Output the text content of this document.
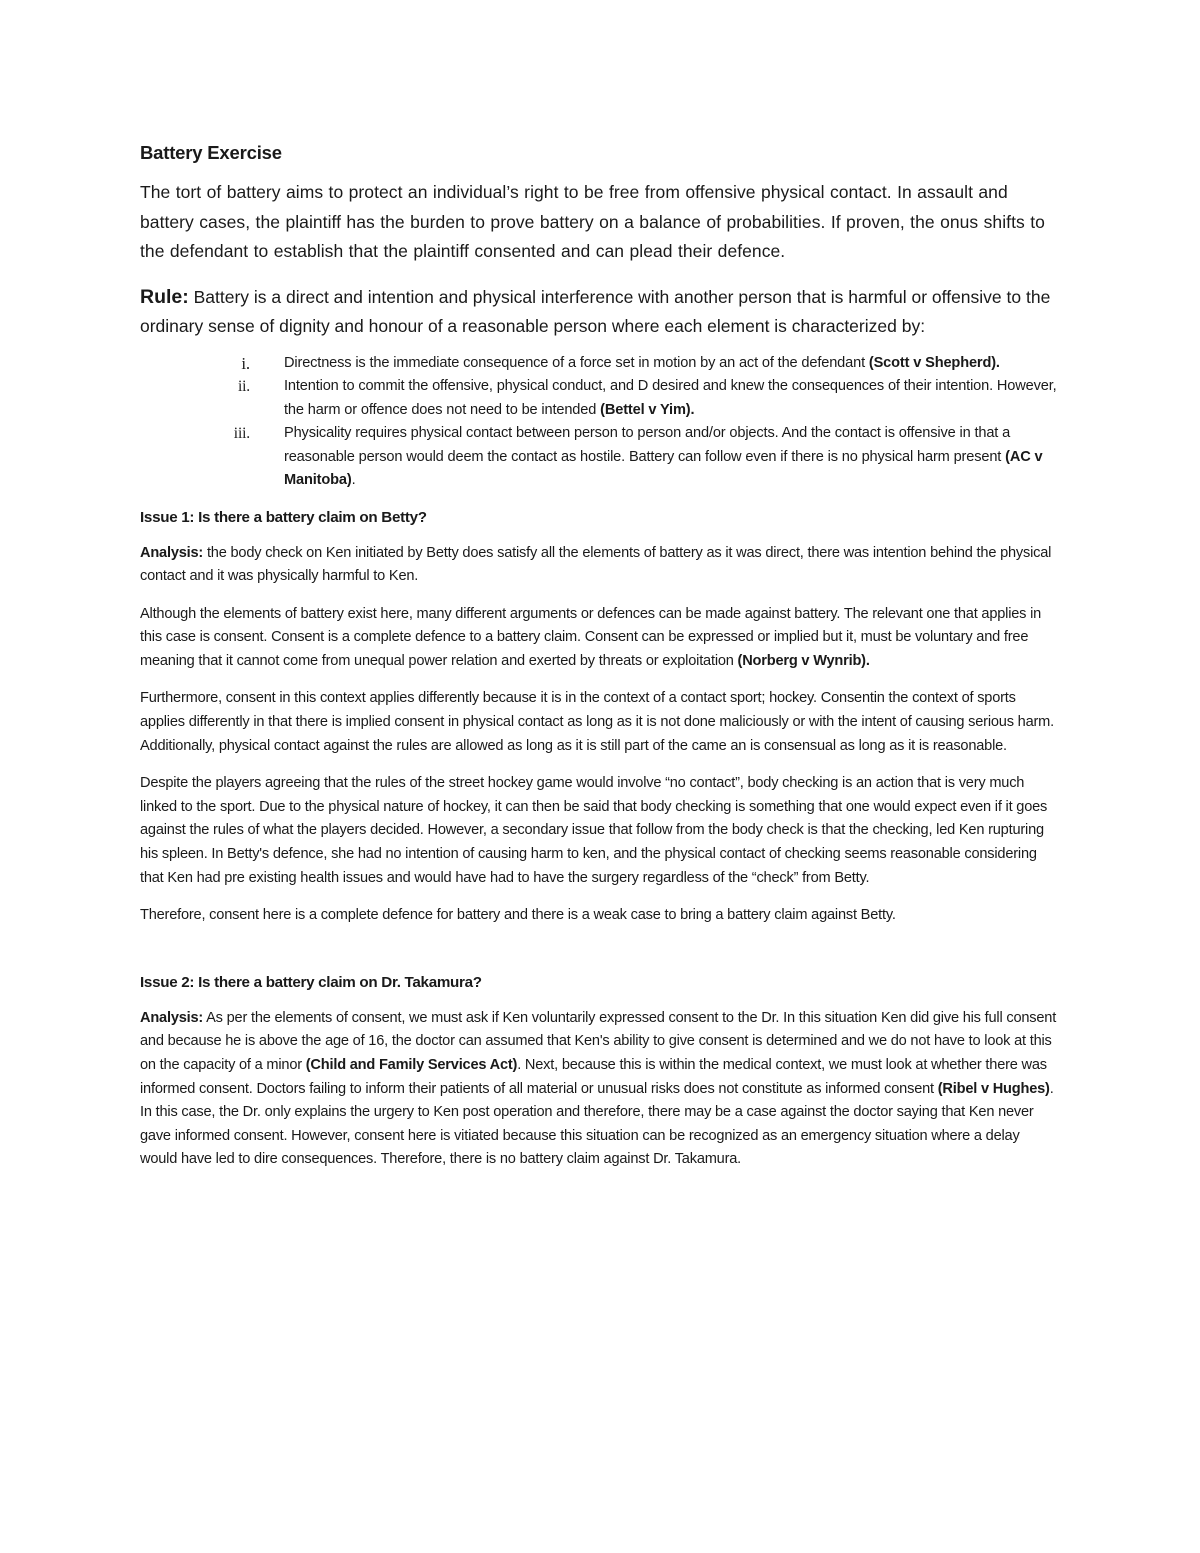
Battery Exercise

The tort of battery aims to protect an individual’s right to be free from offensive physical contact. In assault and battery cases, the plaintiff has the burden to prove battery on a balance of probabilities. If proven, the onus shifts to the defendant to establish that the plaintiff consented and can plead their defence.

Rule: Battery is a direct and intention and physical interference with another person that is harmful or offensive to the ordinary sense of dignity and honour of a reasonable person where each element is characterized by:

i.	Directness is the immediate consequence of a force set in motion by an act of the defendant (Scott v Shepherd).
ii.	Intention to commit the offensive, physical conduct, and D desired and knew the consequences of their intention. However, the harm or offence does not need to be intended (Bettel v Yim).
iii.	Physicality requires physical contact between person to person and/or objects. And the contact is offensive in that a reasonable person would deem the contact as hostile. Battery can follow even if there is no physical harm present (AC v Manitoba).
Issue 1: Is there a battery claim on Betty?

Analysis: the body check on Ken initiated by Betty does satisfy all the elements of battery as it was direct, there was intention behind the physical contact and it was physically harmful to Ken.

Although the elements of battery exist here, many different arguments or defences can be made against battery. The relevant one that applies in this case is consent. Consent is a complete defence to a battery claim. Consent can be expressed or implied but it, must be voluntary and free meaning that it cannot come from unequal power relation and exerted by threats or exploitation (Norberg v Wynrib).

Furthermore, consent in this context applies differently because it is in the context of a contact sport; hockey. Consentin the context of sports applies differently in that there is implied consent in physical contact as long as it is not done maliciously or with the intent of causing serious harm. Additionally, physical contact against the rules are allowed as long as it is still part of the came an is consensual as long as it is reasonable.

Despite the players agreeing that the rules of the street hockey game would involve “no contact”, body checking is an action that is very much linked to the sport. Due to the physical nature of hockey, it can then be said that body checking is something that one would expect even if it goes against the rules of what the players decided. However, a secondary issue that follow from the body check is that the checking, led Ken rupturing his spleen. In Betty's defence, she had no intention of causing harm to ken, and the physical contact of checking seems reasonable considering that Ken had pre existing health issues and would have had to have the surgery regardless of the “check” from Betty.

Therefore, consent here is a complete defence for battery and there is a weak case to bring a battery claim against Betty.

Issue 2: Is there a battery claim on Dr. Takamura?

Analysis: As per the elements of consent, we must ask if Ken voluntarily expressed consent to the Dr. In this situation Ken did give his full consent and because he is above the age of 16, the doctor can assumed that Ken's ability to give consent is determined and we do not have to look at this on the capacity of a minor (Child and Family Services Act). Next, because this is within the medical context, we must look at whether there was informed consent. Doctors failing to inform their patients of all material or unusual risks does not constitute as informed consent (Ribel v Hughes). In this case, the Dr. only explains the urgery to Ken post operation and therefore, there may be a case against the doctor saying that Ken never gave informed consent. However, consent here is vitiated because this situation can be recognized as an emergency situation where a delay would have led to dire consequences. Therefore, there is no battery claim against Dr. Takamura.
